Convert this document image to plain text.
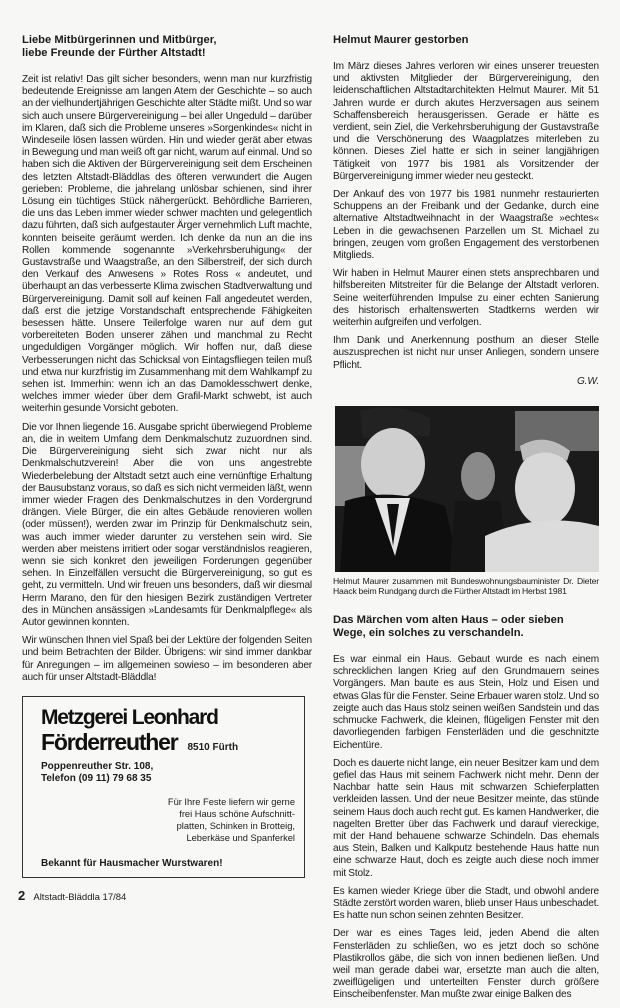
Liebe Mitbürgerinnen und Mitbürger,
liebe Freunde der Fürther Altstadt!

Zeit ist relativ! Das gilt sicher besonders, wenn man nur kurzfristig bedeutende Ereignisse am langen Atem der Geschichte – so auch an der vielhundertjährigen Geschichte alter Städte mißt. Und so war sich auch unsere Bürgervereinigung – bei aller Ungeduld – darüber im Klaren, daß sich die Probleme unseres »Sorgenkindes« nicht in Windeseile lösen lassen würden. Hin und wieder gerät aber etwas in Bewegung und man weiß oft gar nicht, warum auf einmal. Und so haben sich die Aktiven der Bürgervereinigung seit dem Erscheinen des letzten Altstadt-Bläddlas des öfteren verwundert die Augen gerieben: Probleme, die jahrelang unlösbar schienen, sind ihrer Lösung ein tüchtiges Stück nähergerückt. Behördliche Barrieren, die uns das Leben immer wieder schwer machten und gelegentlich dazu führten, daß sich aufgestauter Ärger vernehmlich Luft machte, konnten beiseite geräumt werden. Ich denke da nun an die ins Rollen kommende sogenannte »Verkehrsberuhigung« der Gustavstraße und Waagstraße, an den Silberstreif, der sich durch den Verkauf des Anwesens » Rotes Ross « andeutet, und überhaupt an das verbesserte Klima zwischen Stadtverwaltung und Bürgervereinigung. Damit soll auf keinen Fall angedeutet werden, daß erst die jetzige Vorstandschaft entsprechende Fähigkeiten besessen hätte. Unsere Teilerfolge waren nur auf dem gut vorbereiteten Boden unserer zähen und manchmal zu Recht ungeduldigen Vorgänger möglich. Wir hoffen nur, daß diese Verbesserungen nicht das Schicksal von Eintagsfliegen teilen muß und etwa nur kurzfristig im Zusammenhang mit dem Wahlkampf zu sehen ist. Immerhin: wenn ich an das Damoklesschwert denke, welches immer wieder über dem Grafil-Markt schwebt, ist auch weiterhin gesunde Vorsicht geboten.

Die vor Ihnen liegende 16. Ausgabe spricht überwiegend Probleme an, die in weitem Umfang dem Denkmalschutz zuzuordnen sind. Die Bürgervereinigung sieht sich zwar nicht nur als Denkmalschutzverein! Aber die von uns angestrebte Wiederbelebung der Altstadt setzt auch eine vernünftige Erhaltung der Bausubstanz voraus, so daß es sich nicht vermeiden läßt, wenn immer wieder Fragen des Denkmalschutzes in den Vordergrund drängen. Viele Bürger, die ein altes Gebäude renovieren wollen (oder müssen!), werden zwar im Prinzip für Denkmalschutz sein, was auch immer wieder darunter zu verstehen sein wird. Sie werden aber meistens irritiert oder sogar verständnislos reagieren, wenn sie sich konkret den jeweiligen Forderungen gegenüber sehen. In Einzelfällen versucht die Bürgervereinigung, so gut es geht, zu vermitteln. Und wir freuen uns besonders, daß wir diesmal Herrn Marano, den für den hiesigen Bezirk zuständigen Vertreter des in München ansässigen »Landesamts für Denkmalpflege« als Autor gewinnen konnten.

Wir wünschen Ihnen viel Spaß bei der Lektüre der folgenden Seiten und beim Betrachten der Bilder. Übrigens: wir sind immer dankbar für Anregungen – im allgemeinen sowieso – im besonderen aber auch für unser Altstadt-Bläddla!

Metzgerei Leonhard
Förderreuther 8510 Fürth
Poppenreuther Str. 108,
Telefon (09 11) 79 68 35
Für Ihre Feste liefern wir gerne
frei Haus schöne Aufschnitt-
platten, Schinken in Brotteig,
Leberkäse und Spanferkel
Bekannt für Hausmacher Wurstwaren!
2 Altstadt-Bläddla 17/84
Helmut Maurer gestorben

Im März dieses Jahres verloren wir eines unserer treuesten und aktivsten Mitglieder der Bürgervereinigung, den leidenschaftlichen Altstadtarchitekten Helmut Maurer. Mit 51 Jahren wurde er durch akutes Herzversagen aus seinem Schaffensbereich herausgerissen. Gerade er hätte es verdient, sein Ziel, die Verkehrsberuhigung der Gustavstraße und die Verschönerung des Waagplatzes miterleben zu können. Dieses Ziel hatte er sich in seiner langjährigen Tätigkeit von 1977 bis 1981 als Vorsitzender der Bürgervereinigung immer wieder neu gesteckt.

Der Ankauf des von 1977 bis 1981 nunmehr restaurierten Schuppens an der Freibank und der Gedanke, durch eine alternative Altstadtweihnacht in der Waagstraße »echtes« Leben in die gewachsenen Parzellen um St. Michael zu bringen, zeugen vom großen Engagement des verstorbenen Mitglieds.

Wir haben in Helmut Maurer einen stets ansprechbaren und hilfsbereiten Mitstreiter für die Belange der Altstadt verloren. Seine weiterführenden Impulse zu einer echten Sanierung des historisch erhaltenswerten Stadtkerns werden wir weiterhin aufgreifen und verfolgen.

Ihm Dank und Anerkennung posthum an dieser Stelle auszusprechen ist nicht nur unser Anliegen, sondern unsere Pflicht.

G.W.

Helmut Maurer zusammen mit Bundeswohnungsbauminister Dr. Dieter Haack beim Rundgang durch die Fürther Altstadt im Herbst 1981

Das Märchen vom alten Haus – oder sieben Wege, ein solches zu verschandeln.

Es war einmal ein Haus. Gebaut wurde es nach einem schrecklichen langen Krieg auf den Grundmauern seines Vorgängers. Man baute es aus Stein, Holz und Eisen und etwas Glas für die Fenster. Seine Erbauer waren stolz. Und so zeigte auch das Haus stolz seinen weißen Sandstein und das schmucke Fachwerk, die kleinen, flügeligen Fenster mit den davorliegenden farbigen Fensterläden und die geschnitzte Eichentüre.

Doch es dauerte nicht lange, ein neuer Besitzer kam und dem gefiel das Haus mit seinem Fachwerk nicht mehr. Denn der Nachbar hatte sein Haus mit schwarzen Schieferplatten verkleiden lassen. Und der neue Besitzer meinte, das stünde seinem Haus doch auch recht gut. Es kamen Handwerker, die nagelten Bretter über das Fachwerk und darauf viereckige, mit der Hand behauene schwarze Schindeln. Das ehemals aus Stein, Balken und Kalkputz bestehende Haus hatte nun eine schwarze Haut, doch es zeigte auch diese noch immer mit Stolz.

Es kamen wieder Kriege über die Stadt, und obwohl andere Städte zerstört worden waren, blieb unser Haus unbeschadet. Es hatte nun schon seinen zehnten Besitzer.

Der war es eines Tages leid, jeden Abend die alten Fensterläden zu schließen, wo es jetzt doch so schöne Plastikrollos gäbe, die sich von innen bedienen ließen. Und weil man gerade dabei war, ersetzte man auch die alten, zweiflügeligen und unterteilten Fenster durch größere Einscheibenfenster. Man mußte zwar einige Balken des
